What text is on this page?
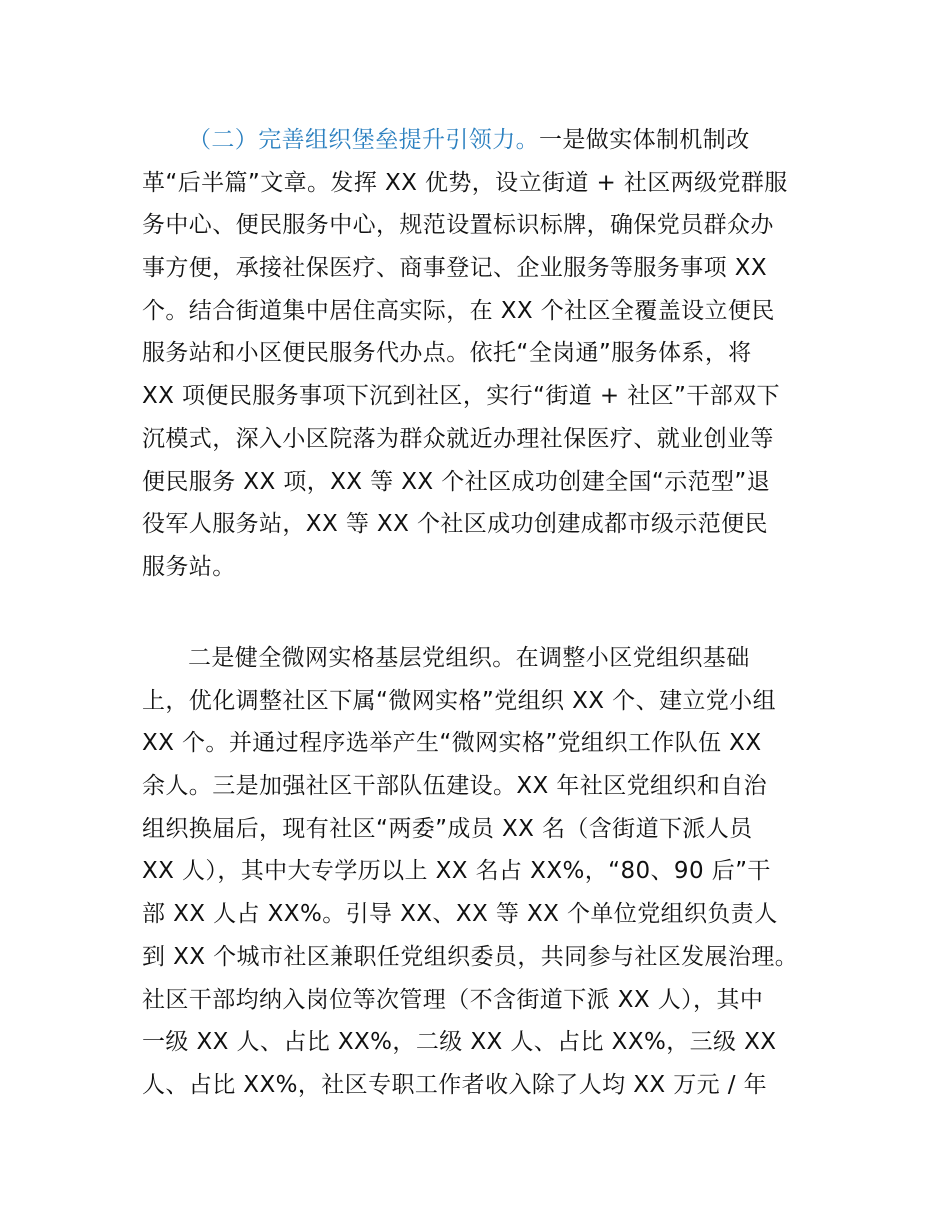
（二）完善组织堡垒提升引领力。一是做实体制机制改
革“后半篇”文章。发挥 XX 优势，设立街道 + 社区两级党群服
务中心、便民服务中心，规范设置标识标牌，确保党员群众办
事方便，承接社保医疗、商事登记、企业服务等服务事项 XX
个。结合街道集中居住高实际，在 XX 个社区全覆盖设立便民
服务站和小区便民服务代办点。依托“全岗通”服务体系，将
XX 项便民服务事项下沉到社区，实行“街道 + 社区”干部双下
沉模式，深入小区院落为群众就近办理社保医疗、就业创业等
便民服务 XX 项，XX 等 XX 个社区成功创建全国“示范型”退
役军人服务站，XX 等 XX 个社区成功创建成都市级示范便民
服务站。
二是健全微网实格基层党组织。在调整小区党组织基础
上，优化调整社区下属“微网实格”党组织 XX 个、建立党小组
XX 个。并通过程序选举产生“微网实格”党组织工作队伍 XX
余人。三是加强社区干部队伍建设。XX 年社区党组织和自治
组织换届后，现有社区“两委”成员 XX 名（含街道下派人员
XX 人），其中大专学历以上 XX 名占 XX%，“80、90 后”干
部 XX 人占 XX%。引导 XX、XX 等 XX 个单位党组织负责人
到 XX 个城市社区兼职任党组织委员，共同参与社区发展治理。
社区干部均纳入岗位等次管理（不含街道下派 XX 人），其中
一级 XX 人、占比 XX%，二级 XX 人、占比 XX%，三级 XX
人、占比 XX%，社区专职工作者收入除了人均 XX 万元 / 年
